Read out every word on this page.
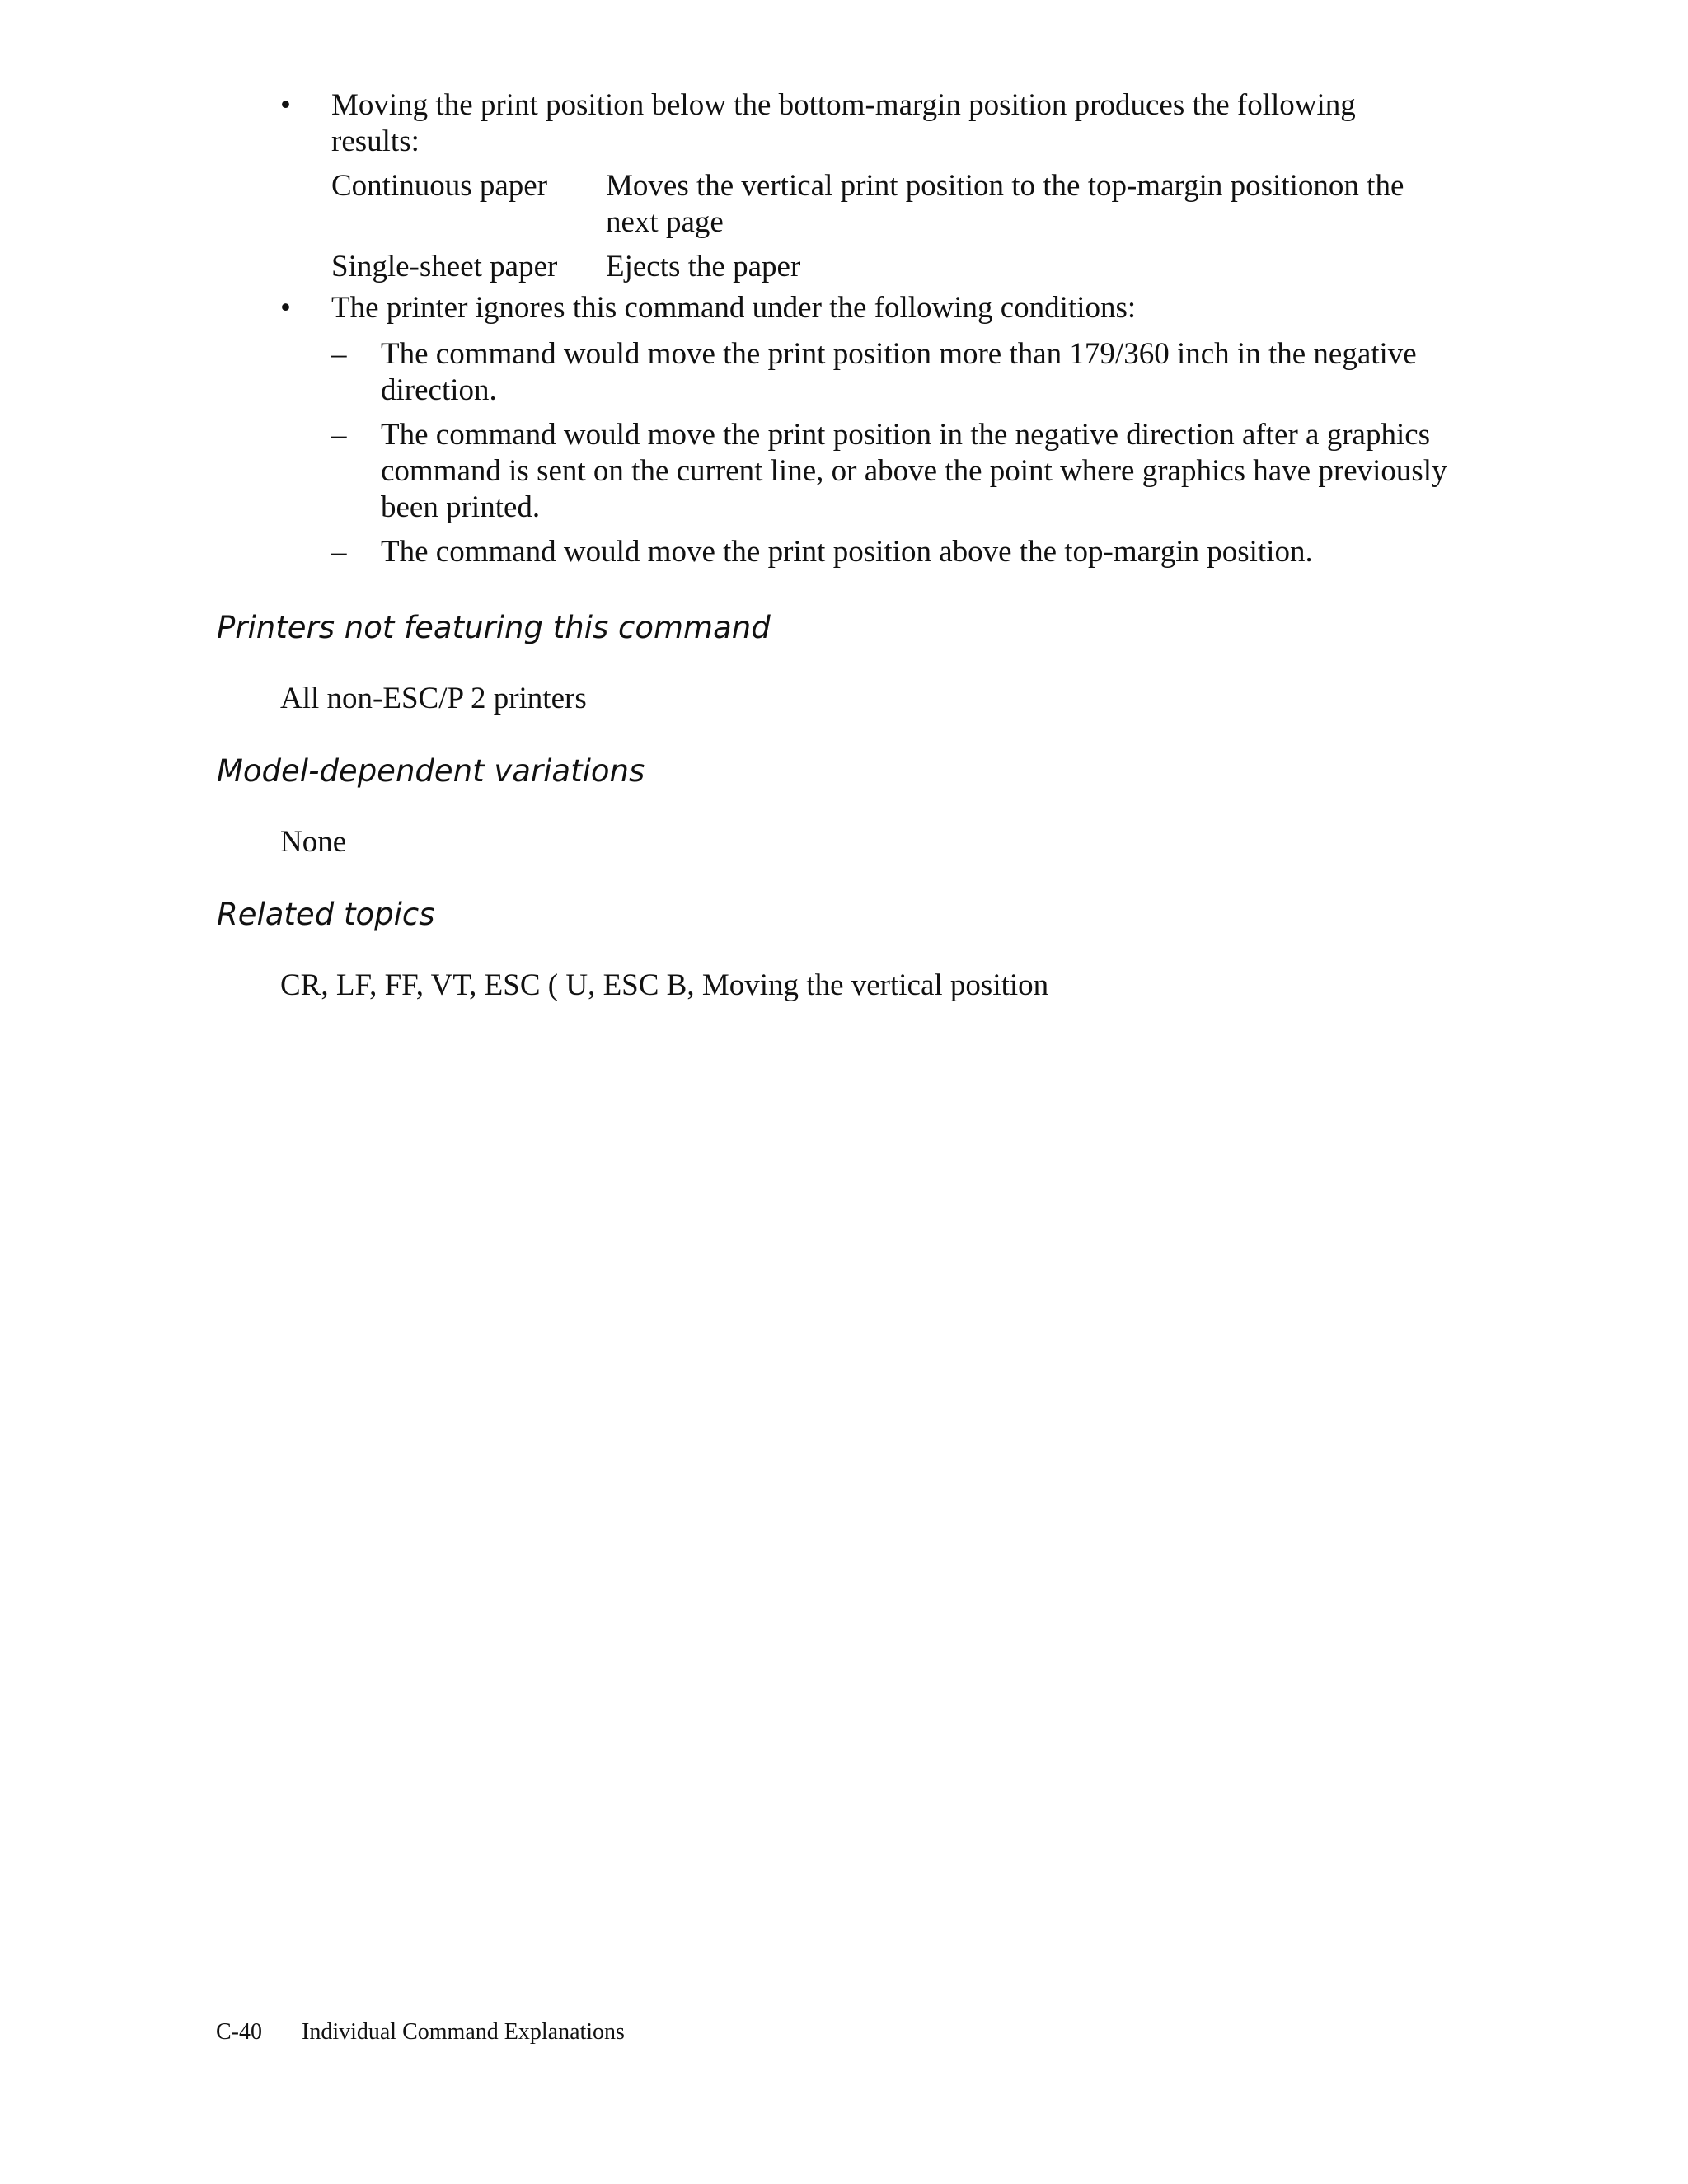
• Moving the print position below the bottom-margin position produces the following results:
Continuous paper	Moves the vertical print position to the top-margin positionon the next page
Single-sheet paper	Ejects the paper
• The printer ignores this command under the following conditions:
– The command would move the print position more than 179/360 inch in the negative direction.
– The command would move the print position in the negative direction after a graphics command is sent on the current line, or above the point where graphics have previously been printed.
– The command would move the print position above the top-margin position.
Printers not featuring this command
All non-ESC/P 2 printers
Model-dependent variations
None
Related topics
CR, LF, FF, VT, ESC ( U, ESC B, Moving the vertical position
C-40	Individual Command Explanations
